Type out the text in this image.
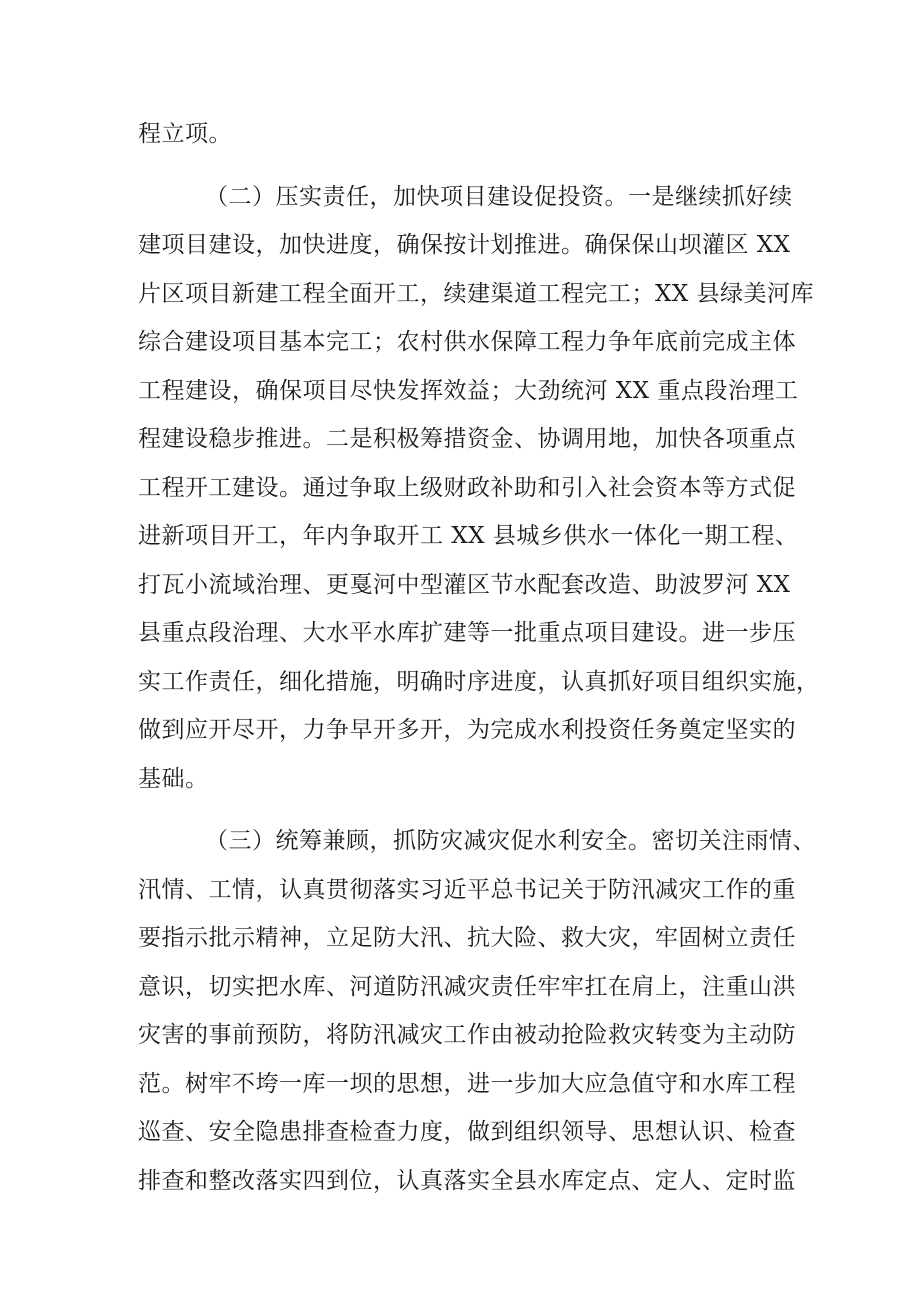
程立项。
（二）压实责任，加快项目建设促投资。一是继续抓好续
建项目建设，加快进度，确保按计划推进。确保保山坝灌区 XX
片区项目新建工程全面开工，续建渠道工程完工；XX 县绿美河库
综合建设项目基本完工；农村供水保障工程力争年底前完成主体
工程建设，确保项目尽快发挥效益；大劲统河 XX 重点段治理工
程建设稳步推进。二是积极筹措资金、协调用地，加快各项重点
工程开工建设。通过争取上级财政补助和引入社会资本等方式促
进新项目开工，年内争取开工 XX 县城乡供水一体化一期工程、
打瓦小流域治理、更戛河中型灌区节水配套改造、助波罗河 XX
县重点段治理、大水平水库扩建等一批重点项目建设。进一步压
实工作责任，细化措施，明确时序进度，认真抓好项目组织实施，
做到应开尽开，力争早开多开，为完成水利投资任务奠定坚实的
基础。
（三）统筹兼顾，抓防灾减灾促水利安全。密切关注雨情、
汛情、工情，认真贯彻落实习近平总书记关于防汛减灾工作的重
要指示批示精神，立足防大汛、抗大险、救大灾，牢固树立责任
意识，切实把水库、河道防汛减灾责任牢牢扛在肩上，注重山洪
灾害的事前预防，将防汛减灾工作由被动抢险救灾转变为主动防
范。树牢不垮一库一坝的思想，进一步加大应急值守和水库工程
巡查、安全隐患排查检查力度，做到组织领导、思想认识、检查
排查和整改落实四到位，认真落实全县水库定点、定人、定时监
